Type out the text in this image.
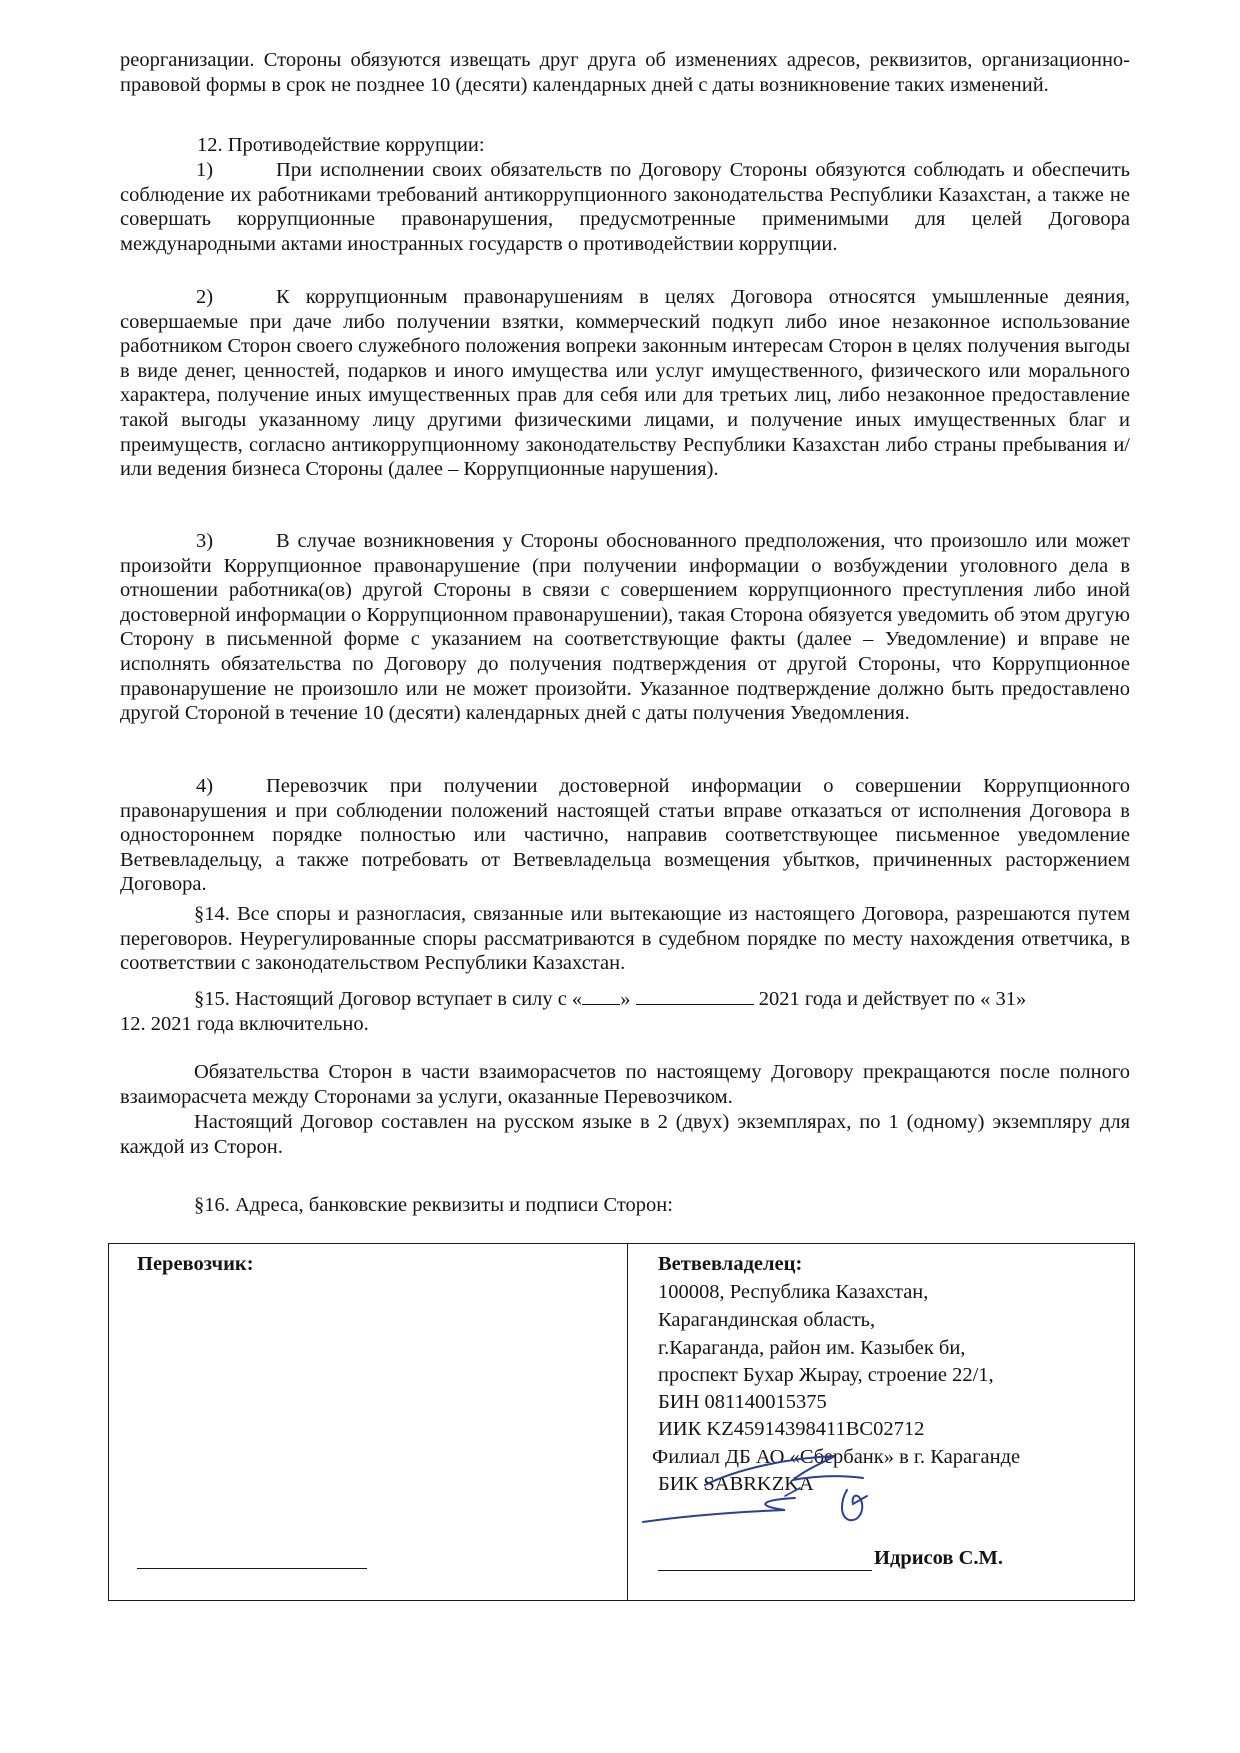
реорганизации. Стороны обязуются извещать друг друга об изменениях адресов, реквизитов, организационно-правовой формы в срок не позднее 10 (десяти) календарных дней с даты возникновение таких изменений.

12. Противодействие коррупции:

1)	При исполнении своих обязательств по Договору Стороны обязуются соблюдать и обеспечить соблюдение их работниками требований антикоррупционного законодательства Республики Казахстан, а также не совершать коррупционные правонарушения, предусмотренные применимыми для целей Договора международными актами иностранных государств о противодействии коррупции.

2)	К коррупционным правонарушениям в целях Договора относятся умышленные деяния, совершаемые при даче либо получении взятки, коммерческий подкуп либо иное незаконное использование работником Сторон своего служебного положения вопреки законным интересам Сторон в целях получения выгоды в виде денег, ценностей, подарков и иного имущества или услуг имущественного, физического или морального характера, получение иных имущественных прав для себя или для третьих лиц, либо незаконное предоставление такой выгоды указанному лицу другими физическими лицами, и получение иных имущественных благ и преимуществ, согласно антикоррупционному законодательству Республики Казахстан либо страны пребывания и/или ведения бизнеса Стороны (далее – Коррупционные нарушения).

3)	В случае возникновения у Стороны обоснованного предположения, что произошло или может произойти Коррупционное правонарушение (при получении информации о возбуждении уголовного дела в отношении работника(ов) другой Стороны в связи с совершением коррупционного преступления либо иной достоверной информации о Коррупционном правонарушении), такая Сторона обязуется уведомить об этом другую Сторону в письменной форме с указанием на соответствующие факты (далее – Уведомление) и вправе не исполнять обязательства по Договору до получения подтверждения от другой Стороны, что Коррупционное правонарушение не произошло или не может произойти. Указанное подтверждение должно быть предоставлено другой Стороной в течение 10 (десяти) календарных дней с даты получения Уведомления.

4)	Перевозчик при получении достоверной информации о совершении Коррупционного правонарушения и при соблюдении положений настоящей статьи вправе отказаться от исполнения Договора в одностороннем порядке полностью или частично, направив соответствующее письменное уведомление Ветвевладельцу, а также потребовать от Ветвевладельца возмещения убытков, причиненных расторжением Договора.

§14. Все споры и разногласия, связанные или вытекающие из настоящего Договора, разрешаются путем переговоров. Неурегулированные споры рассматриваются в судебном порядке по месту нахождения ответчика, в соответствии с законодательством Республики Казахстан.

§15. Настоящий Договор вступает в силу с « »	2021 года и действует по « 31»
12. 2021 года включительно.

Обязательства Сторон в части взаиморасчетов по настоящему Договору прекращаются после полного взаиморасчета между Сторонами за услуги, оказанные Перевозчиком.

Настоящий Договор составлен на русском языке в 2 (двух) экземплярах, по 1 (одному) экземпляру для каждой из Сторон.

§16. Адреса, банковские реквизиты и подписи Сторон:

Перевозчик:	Ветвевладелец:
100008, Республика Казахстан,
Карагандинская область,
г.Караганда, район им. Казыбек би,
проспект Бухар Жырау, строение 22/1,
БИН 081140015375
ИИК KZ45914398411BC02712
Филиал ДБ АО «Сбербанк» в г. Караганде
БИК SABRKZKA
Идрисов С.М.
